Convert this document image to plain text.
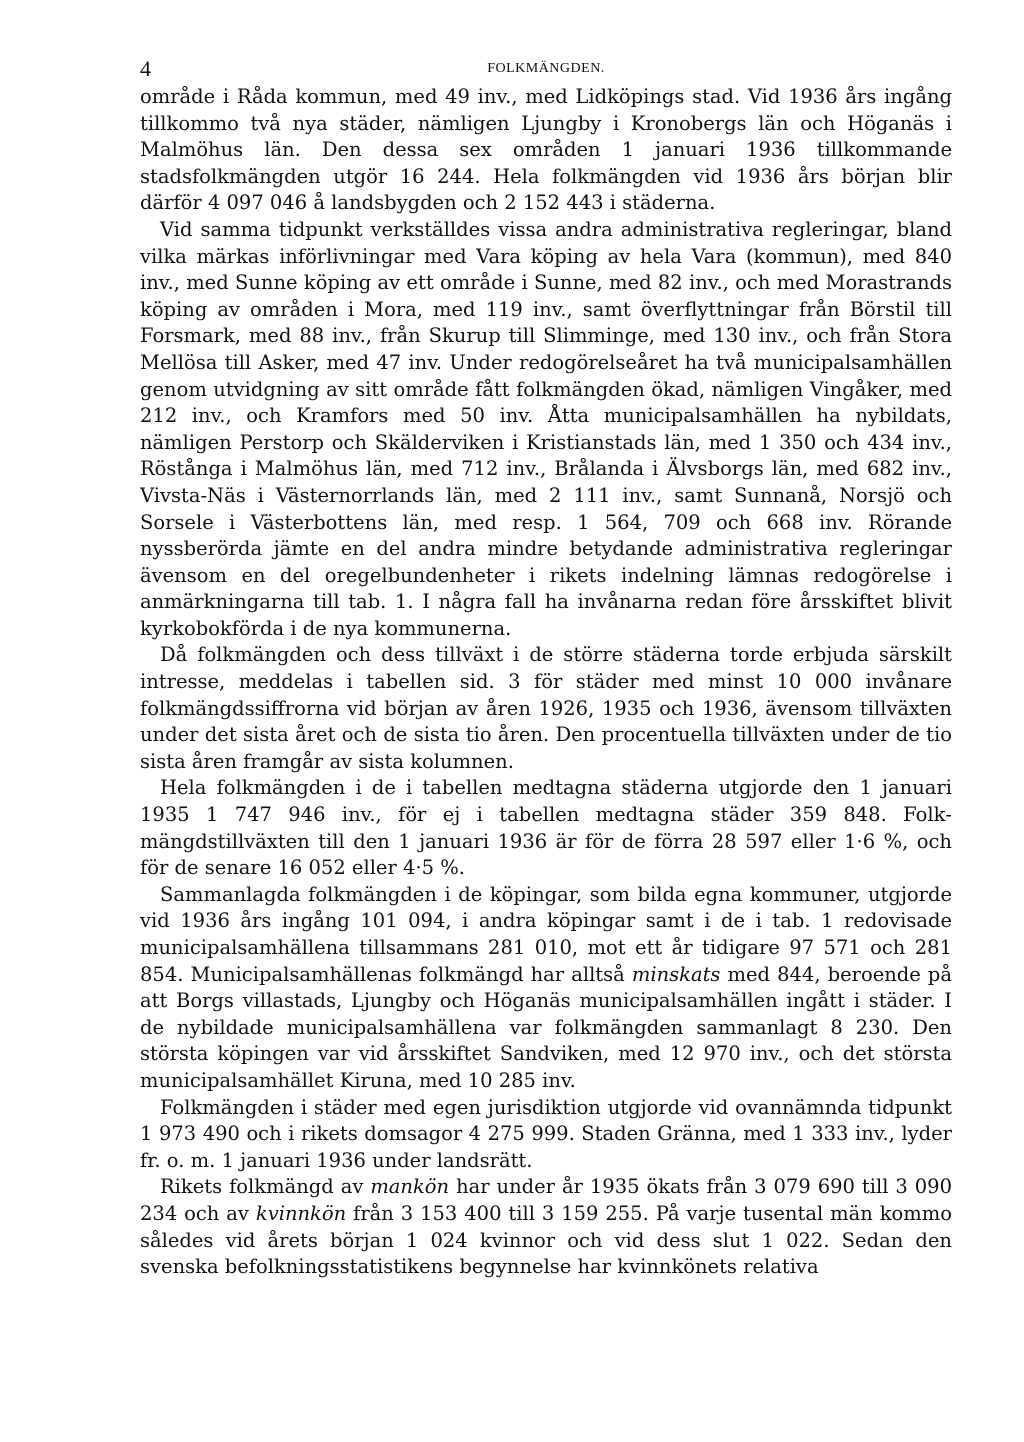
4	FOLKMÄNGDEN.

område i Råda kommun, med 49 inv., med Lidköpings stad. Vid 1936 års ingång tillkommo två nya städer, nämligen Ljungby i Kronobergs län och Höganäs i Malmöhus län. Den dessa sex områden 1 januari 1936 tillkommande stadsfolkmängden utgör 16 244. Hela folkmängden vid 1936 års början blir därför 4 097 046 å landsbygden och 2 152 443 i städerna.

Vid samma tidpunkt verkställdes vissa andra administrativa regleringar, bland vilka märkas införlivningar med Vara köping av hela Vara (kommun), med 840 inv., med Sunne köping av ett område i Sunne, med 82 inv., och med Morastrands köping av områden i Mora, med 119 inv., samt överflyttningar från Börstil till Forsmark, med 88 inv., från Skurup till Slimminge, med 130 inv., och från Stora Mellösa till Asker, med 47 inv. Under redogörelseåret ha två municipalsamhällen genom utvidgning av sitt område fått folkmängden ökad, nämligen Vingåker, med 212 inv., och Kramfors med 50 inv. Åtta municipalsamhällen ha nybildats, nämligen Perstorp och Skälderviken i Kristianstads län, med 1 350 och 434 inv., Röstånga i Malmöhus län, med 712 inv., Brålanda i Älvsborgs län, med 682 inv., Vivsta-Näs i Västernorrlands län, med 2 111 inv., samt Sunnanå, Norsjö och Sorsele i Västerbottens län, med resp. 1 564, 709 och 668 inv. Rörande nyssberörda jämte en del andra mindre betydande administrativa regleringar ävensom en del oregelbundenheter i rikets indelning lämnas redogörelse i anmärkningarna till tab. 1. I några fall ha invånarna redan före årsskiftet blivit kyrkobokförda i de nya kommunerna.

Då folkmängden och dess tillväxt i de större städerna torde erbjuda särskilt intresse, meddelas i tabellen sid. 3 för städer med minst 10 000 invånare folkmängdssiffrorna vid början av åren 1926, 1935 och 1936, ävensom tillväxten under det sista året och de sista tio åren. Den procentuella tillväxten under de tio sista åren framgår av sista kolumnen.

Hela folkmängden i de i tabellen medtagna städerna utgjorde den 1 januari 1935 1 747 946 inv., för ej i tabellen medtagna städer 359 848. Folkmängdstillväxten till den 1 januari 1936 är för de förra 28 597 eller 1·6 %, och för de senare 16 052 eller 4·5 %.

Sammanlagda folkmängden i de köpingar, som bilda egna kommuner, utgjorde vid 1936 års ingång 101 094, i andra köpingar samt i de i tab. 1 redovisade municipalsamhällena tillsammans 281 010, mot ett år tidigare 97 571 och 281 854. Municipalsamhällenas folkmängd har alltså minskats med 844, beroende på att Borgs villastads, Ljungby och Höganäs municipalsamhällen ingått i städer. I de nybildade municipalsamhällena var folkmängden sammanlagt 8 230. Den största köpingen var vid årsskiftet Sandviken, med 12 970 inv., och det största municipalsamhället Kiruna, med 10 285 inv.

Folkmängden i städer med egen jurisdiktion utgjorde vid ovannämnda tidpunkt 1 973 490 och i rikets domsagor 4 275 999. Staden Gränna, med 1 333 inv., lyder fr. o. m. 1 januari 1936 under landsrätt.

Rikets folkmängd av mankön har under år 1935 ökats från 3 079 690 till 3 090 234 och av kvinnkön från 3 153 400 till 3 159 255. På varje tusental män kommo således vid årets början 1 024 kvinnor och vid dess slut 1 022. Sedan den svenska befolkningsstatistikens begynnelse har kvinnkönets relativa
